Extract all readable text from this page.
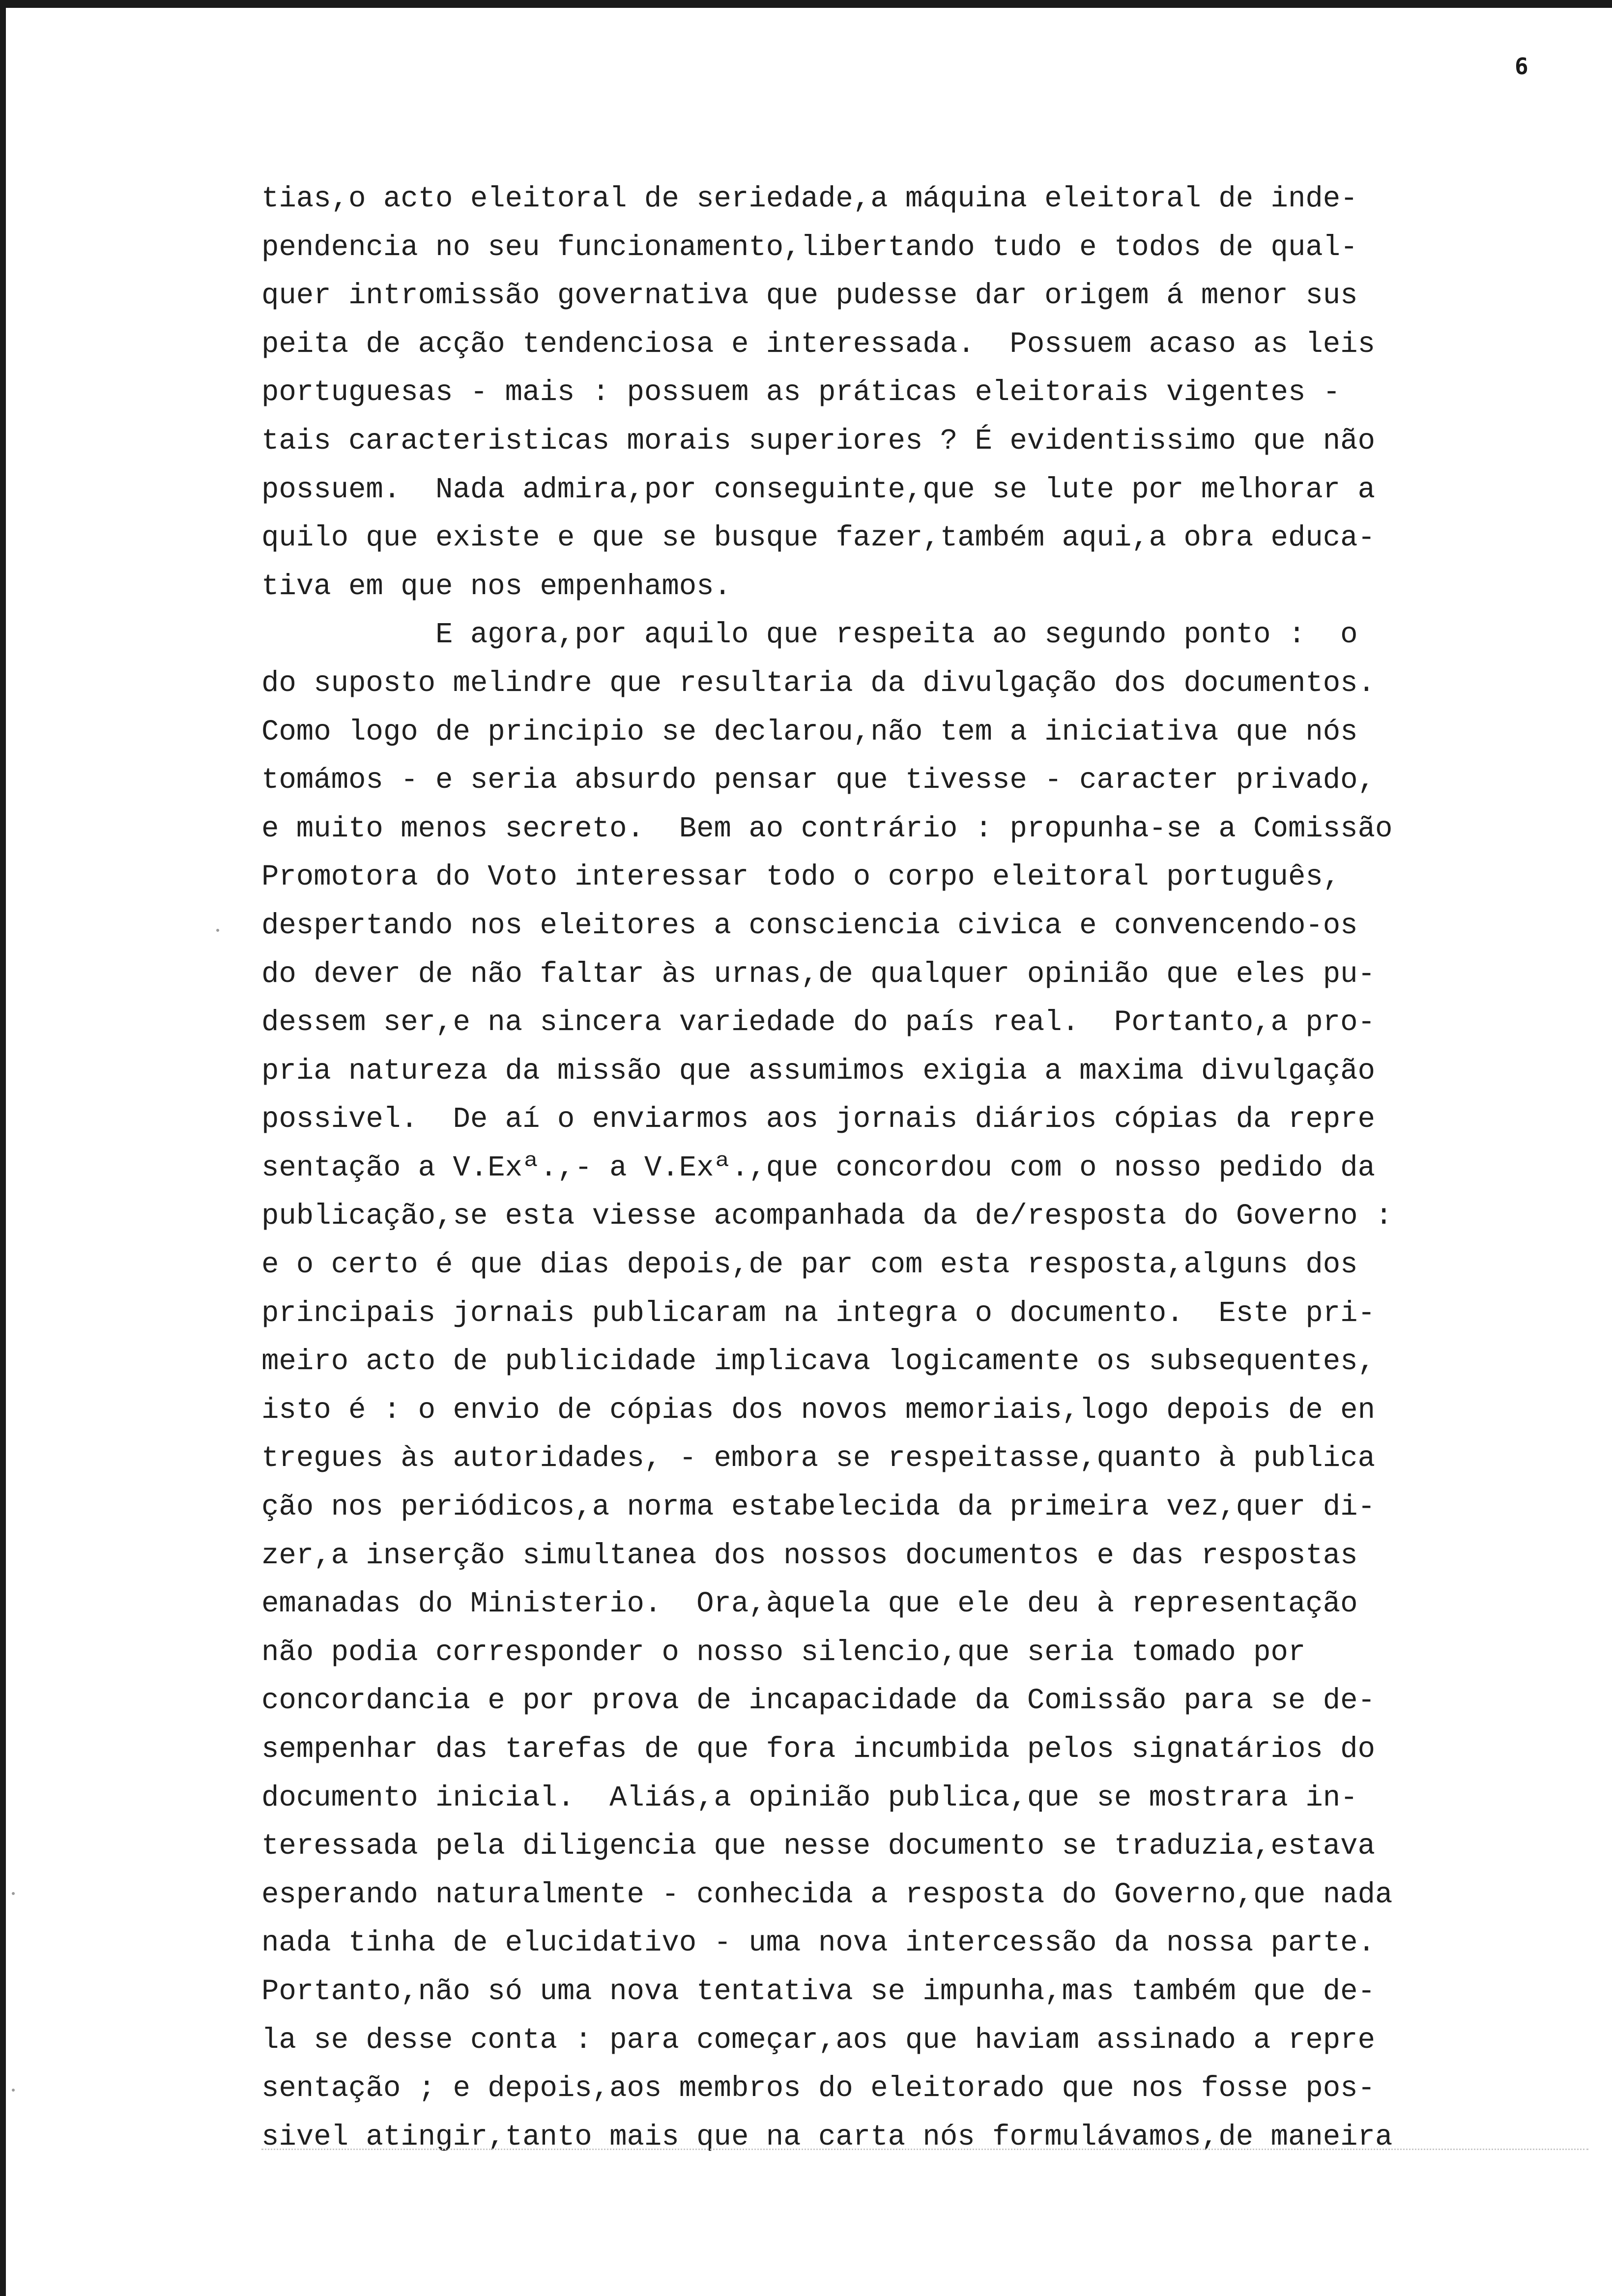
6
tias,o acto eleitoral de seriedade,a máquina eleitoral de inde-
pendencia no seu funcionamento,libertando tudo e todos de qual-
quer intromissão governativa que pudesse dar origem á menor sus
peita de acção tendenciosa e interessada.  Possuem acaso as leis
portuguesas - mais : possuem as práticas eleitorais vigentes -
tais caracteristicas morais superiores ? É evidentissimo que não
possuem.  Nada admira,por conseguinte,que se lute por melhorar a
quilo que existe e que se busque fazer,também aqui,a obra educa-
tiva em que nos empenhamos.
E agora,por aquilo que respeita ao segundo ponto :  o
do suposto melindre que resultaria da divulgação dos documentos.
Como logo de principio se declarou,não tem a iniciativa que nós
tomámos - e seria absurdo pensar que tivesse - caracter privado,
e muito menos secreto.  Bem ao contrário : propunha-se a Comissão
Promotora do Voto interessar todo o corpo eleitoral português,
despertando nos eleitores a consciencia civica e convencendo-os
do dever de não faltar às urnas,de qualquer opinião que eles pu-
dessem ser,e na sincera variedade do país real.  Portanto,a pro-
pria natureza da missão que assumimos exigia a maxima divulgação
possivel.  De aí o enviarmos aos jornais diários cópias da repre
sentação a V.Exª.,- a V.Exª.,que concordou com o nosso pedido da
publicação,se esta viesse acompanhada da de/resposta do Governo :
e o certo é que dias depois,de par com esta resposta,alguns dos
principais jornais publicaram na integra o documento.  Este pri-
meiro acto de publicidade implicava logicamente os subsequentes,
isto é : o envio de cópias dos novos memoriais,logo depois de en
tregues às autoridades, - embora se respeitasse,quanto à publica
ção nos periódicos,a norma estabelecida da primeira vez,quer di-
zer,a inserção simultanea dos nossos documentos e das respostas
emanadas do Ministerio.  Ora,àquela que ele deu à representação
não podia corresponder o nosso silencio,que seria tomado por
concordancia e por prova de incapacidade da Comissão para se de-
sempenhar das tarefas de que fora incumbida pelos signatários do
documento inicial.  Aliás,a opinião publica,que se mostrara in-
teressada pela diligencia que nesse documento se traduzia,estava
esperando naturalmente - conhecida a resposta do Governo,que nada
nada tinha de elucidativo - uma nova intercessão da nossa parte.
Portanto,não só uma nova tentativa se impunha,mas também que de-
la se desse conta : para começar,aos que haviam assinado a repre
sentação ; e depois,aos membros do eleitorado que nos fosse pos-
sivel atingir,tanto mais que na carta nós formulávamos,de maneira
